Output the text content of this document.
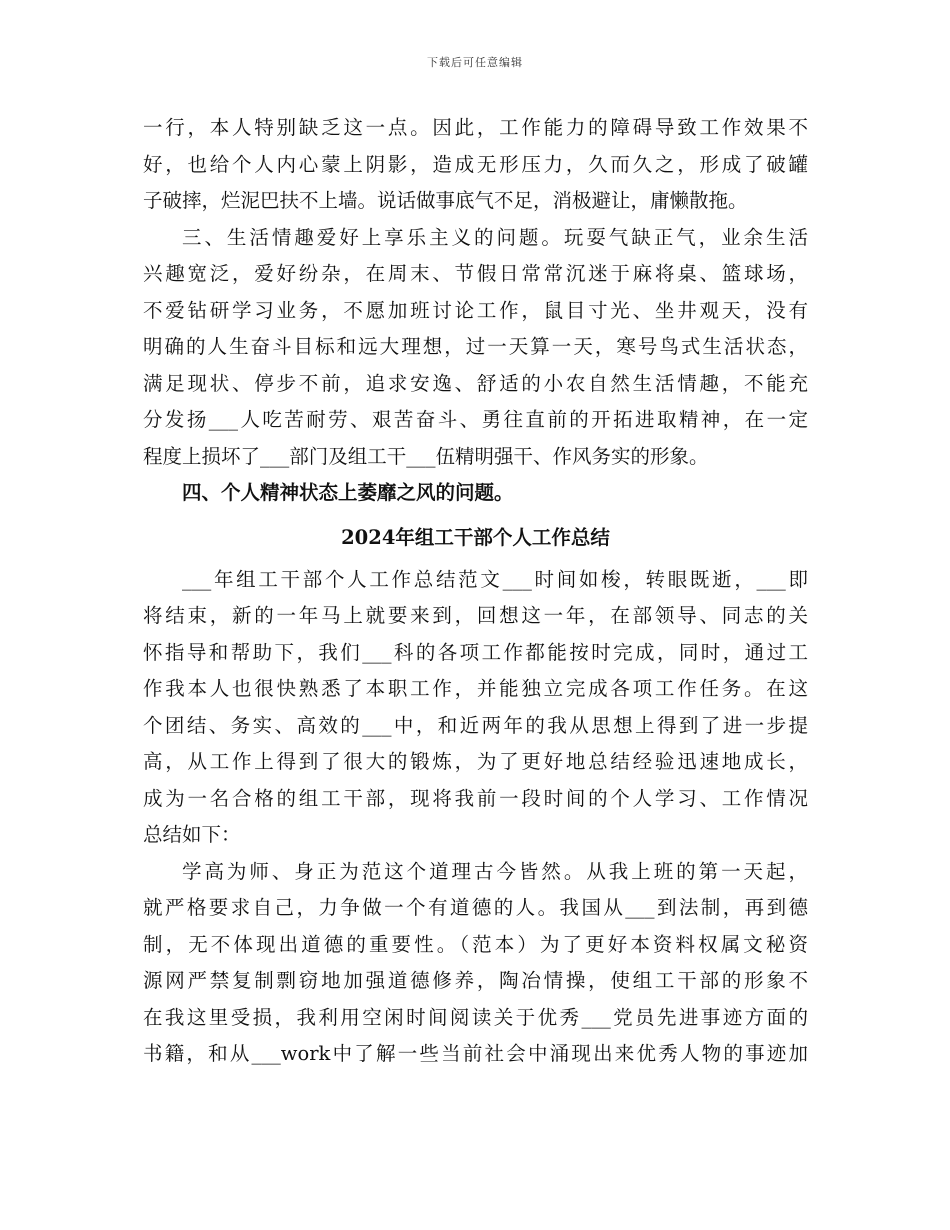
下载后可任意编辑
一行，本人特别缺乏这一点。因此，工作能力的障碍导致工作效果不
好，也给个人内心蒙上阴影，造成无形压力，久而久之，形成了破罐
子破摔，烂泥巴扶不上墙。说话做事底气不足，消极避让，庸懒散拖。
三、生活情趣爱好上享乐主义的问题。玩耍气缺正气，业余生活
兴趣宽泛，爱好纷杂，在周末、节假日常常沉迷于麻将桌、篮球场，
不爱钻研学习业务，不愿加班讨论工作，鼠目寸光、坐井观天，没有
明确的人生奋斗目标和远大理想，过一天算一天，寒号鸟式生活状态，
满足现状、停步不前，追求安逸、舒适的小农自然生活情趣，不能充
分发扬___人吃苦耐劳、艰苦奋斗、勇往直前的开拓进取精神，在一定
程度上损坏了___部门及组工干___伍精明强干、作风务实的形象。
四、个人精神状态上萎靡之风的问题。
2024年组工干部个人工作总结
___年组工干部个人工作总结范文___时间如梭，转眼既逝，___即
将结束，新的一年马上就要来到，回想这一年，在部领导、同志的关
怀指导和帮助下，我们___科的各项工作都能按时完成，同时，通过工
作我本人也很快熟悉了本职工作，并能独立完成各项工作任务。在这
个团结、务实、高效的___中，和近两年的我从思想上得到了进一步提
高，从工作上得到了很大的锻炼，为了更好地总结经验迅速地成长，
成为一名合格的组工干部，现将我前一段时间的个人学习、工作情况
总结如下：
学高为师、身正为范这个道理古今皆然。从我上班的第一天起，
就严格要求自己，力争做一个有道德的人。我国从___到法制，再到德
制，无不体现出道德的重要性。（范本）为了更好本资料权属文秘资
源网严禁复制剽窃地加强道德修养，陶冶情操，使组工干部的形象不
在我这里受损，我利用空闲时间阅读关于优秀___党员先进事迹方面的
书籍，和从___work中了解一些当前社会中涌现出来优秀人物的事迹加
